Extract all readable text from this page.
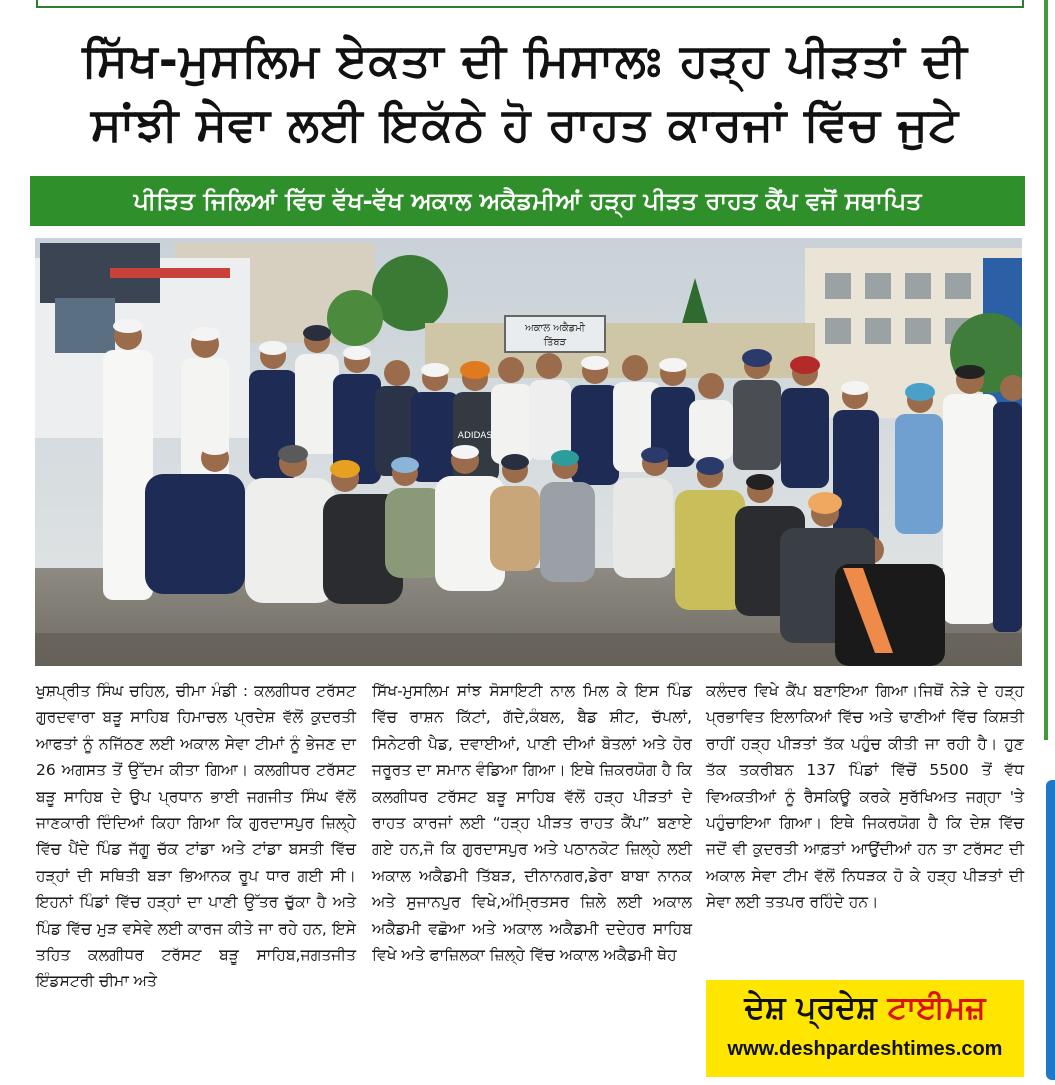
ਸਿੱਖ-ਮੁਸਲਿਮ ਏਕਤਾ ਦੀ ਮਿਸਾਲਃ ਹੜ੍ਹ ਪੀੜਤਾਂ ਦੀ
ਸਾਂਝੀ ਸੇਵਾ ਲਈ ਇਕੱਠੇ ਹੋ ਰਾਹਤ ਕਾਰਜਾਂ ਵਿੱਚ ਜੁਟੇ
ਪੀੜਿਤ ਜਿਲਿਆਂ ਵਿੱਚ ਵੱਖ-ਵੱਖ ਅਕਾਲ ਅਕੈਡਮੀਆਂ ਹੜ੍ਹ ਪੀੜਤ ਰਾਹਤ ਕੈਂਪ ਵਜੋਂ ਸਥਾਪਿਤ
ਅਕਾਲ ਅਕੈਡਮੀ
ਤਿੱਬੜ
ADIDAS
ਖੁਸ਼ਪ੍ਰੀਤ ਸਿੰਘ ਚਹਿਲ, ਚੀਮਾ ਮੰਡੀ : ਕਲਗੀਧਰ ਟਰੱਸਟ ਗੁਰਦਵਾਰਾ ਬੜੂ ਸਾਹਿਬ ਹਿਮਾਚਲ ਪ੍ਰਦੇਸ਼ ਵੱਲੋਂ ਕੁਦਰਤੀ ਆਫਤਾਂ ਨੂੰ ਨਜਿੱਠਣ ਲਈ ਅਕਾਲ ਸੇਵਾ ਟੀਮਾਂ ਨੂੰ ਭੇਜਣ ਦਾ 26 ਅਗਸਤ ਤੋਂ ਉੱਦਮ ਕੀਤਾ ਗਿਆ। ਕਲਗੀਧਰ ਟਰੱਸਟ ਬੜੂ ਸਾਹਿਬ ਦੇ ਉਪ ਪ੍ਰਧਾਨ ਭਾਈ ਜਗਜੀਤ ਸਿੰਘ ਵੱਲੋਂ ਜਾਣਕਾਰੀ ਦਿੰਦਿਆਂ ਕਿਹਾ ਗਿਆ ਕਿ ਗੁਰਦਾਸਪੁਰ ਜ਼ਿਲ੍ਹੇ ਵਿੱਚ ਪੈਂਦੇ ਪਿੰਡ ਜੱਗੂ ਚੱਕ ਟਾਂਡਾ ਅਤੇ ਟਾਂਡਾ ਬਸਤੀ ਵਿੱਚ ਹੜ੍ਹਾਂ ਦੀ ਸਥਿਤੀ ਬੜਾ ਭਿਆਨਕ ਰੂਪ ਧਾਰ ਗਈ ਸੀ। ਇਹਨਾਂ ਪਿੰਡਾਂ ਵਿੱਚ ਹੜ੍ਹਾਂ ਦਾ ਪਾਣੀ ਉੱਤਰ ਚੁੱਕਾ ਹੈ ਅਤੇ ਪਿੰਡ ਵਿੱਚ ਮੁੜ ਵਸੇਵੇ ਲਈ ਕਾਰਜ ਕੀਤੇ ਜਾ ਰਹੇ ਹਨ, ਇਸੇ ਤਹਿਤ ਕਲਗੀਧਰ ਟਰੱਸਟ ਬੜੂ ਸਾਹਿਬ,ਜਗਤਜੀਤ ਇੰਡਸਟਰੀ ਚੀਮਾ ਅਤੇ
ਸਿੱਖ-ਮੁਸਲਿਮ ਸਾਂਝ ਸੋਸਾਇਟੀ ਨਾਲ ਮਿਲ ਕੇ ਇਸ ਪਿੰਡ ਵਿੱਚ ਰਾਸ਼ਨ ਕਿੱਟਾਂ, ਗੱਦੇ,ਕੰਬਲ, ਬੈਡ ਸ਼ੀਟ, ਚੱਪਲਾਂ, ਸਿਨੇਟਰੀ ਪੈਡ, ਦਵਾਈਆਂ, ਪਾਣੀ ਦੀਆਂ ਬੋਤਲਾਂ ਅਤੇ ਹੋਰ ਜਰੂਰਤ ਦਾ ਸਮਾਨ ਵੰਡਿਆ ਗਿਆ। ਇਥੇ ਜ਼ਿਕਰਯੋਗ ਹੈ ਕਿ ਕਲਗੀਧਰ ਟਰੱਸਟ ਬੜੂ ਸਾਹਿਬ ਵੱਲੋਂ ਹੜ੍ਹ ਪੀੜਤਾਂ ਦੇ ਰਾਹਤ ਕਾਰਜਾਂ ਲਈ “ਹੜ੍ਹ ਪੀੜਤ ਰਾਹਤ ਕੈਂਪ” ਬਣਾਏ ਗਏ ਹਨ,ਜੋ ਕਿ ਗੁਰਦਾਸਪੁਰ ਅਤੇ ਪਠਾਨਕੋਟ ਜ਼ਿਲ੍ਹੇ ਲਈ ਅਕਾਲ ਅਕੈਡਮੀ ਤਿੱਬੜ, ਦੀਨਾਨਗਰ,ਡੇਰਾ ਬਾਬਾ ਨਾਨਕ ਅਤੇ ਸੁਜਾਨਪੁਰ ਵਿਖੇ,ਅੰਮ੍ਰਿਤਸਰ ਜ਼ਿਲੇ ਲਈ ਅਕਾਲ ਅਕੈਡਮੀ ਵਛੋਆ ਅਤੇ ਅਕਾਲ ਅਕੈਡਮੀ ਦਦੇਹਰ ਸਾਹਿਬ ਵਿਖੇ ਅਤੇ ਫਾਜ਼ਿਲਕਾ ਜ਼ਿਲ੍ਹੇ ਵਿੱਚ ਅਕਾਲ ਅਕੈਡਮੀ ਥੇਹ
ਕਲੰਦਰ ਵਿਖੇ ਕੈਂਪ ਬਣਾਇਆ ਗਿਆ।ਜਿਥੋਂ ਨੇੜੇ ਦੇ ਹੜ੍ਹ ਪ੍ਰਭਾਵਿਤ ਇਲਾਕਿਆਂ ਵਿੱਚ ਅਤੇ ਢਾਣੀਆਂ ਵਿੱਚ ਕਿਸ਼ਤੀ ਰਾਹੀਂ ਹੜ੍ਹ ਪੀੜਤਾਂ ਤੱਕ ਪਹੁੰਚ ਕੀਤੀ ਜਾ ਰਹੀ ਹੈ। ਹੁਣ ਤੱਕ ਤਕਰੀਬਨ 137 ਪਿੰਡਾਂ ਵਿੱਚੋਂ 5500 ਤੋਂ ਵੱਧ ਵਿਅਕਤੀਆਂ ਨੂੰ ਰੈਸਕਿਊ ਕਰਕੇ ਸੁਰੱਖਿਅਤ ਜਗ੍ਹਾ 'ਤੇ ਪਹੁੰਚਾਇਆ ਗਿਆ। ਇਥੇ ਜਿਕਰਯੋਗ ਹੈ ਕਿ ਦੇਸ਼ ਵਿੱਚ ਜਦੋਂ ਵੀ ਕੁਦਰਤੀ ਆਫ਼ਤਾਂ ਆਉਂਦੀਆਂ ਹਨ ਤਾ ਟਰੱਸਟ ਦੀ ਅਕਾਲ ਸੇਵਾ ਟੀਮ ਵੱਲੋਂ ਨਿਧੜਕ ਹੋ ਕੇ ਹੜ੍ਹ ਪੀੜਤਾਂ ਦੀ ਸੇਵਾ ਲਈ ਤਤਪਰ ਰਹਿੰਦੇ ਹਨ।
ਦੇਸ਼ ਪ੍ਰਦੇਸ਼ ਟਾਈਮਜ਼
www.deshpardeshtimes.com
